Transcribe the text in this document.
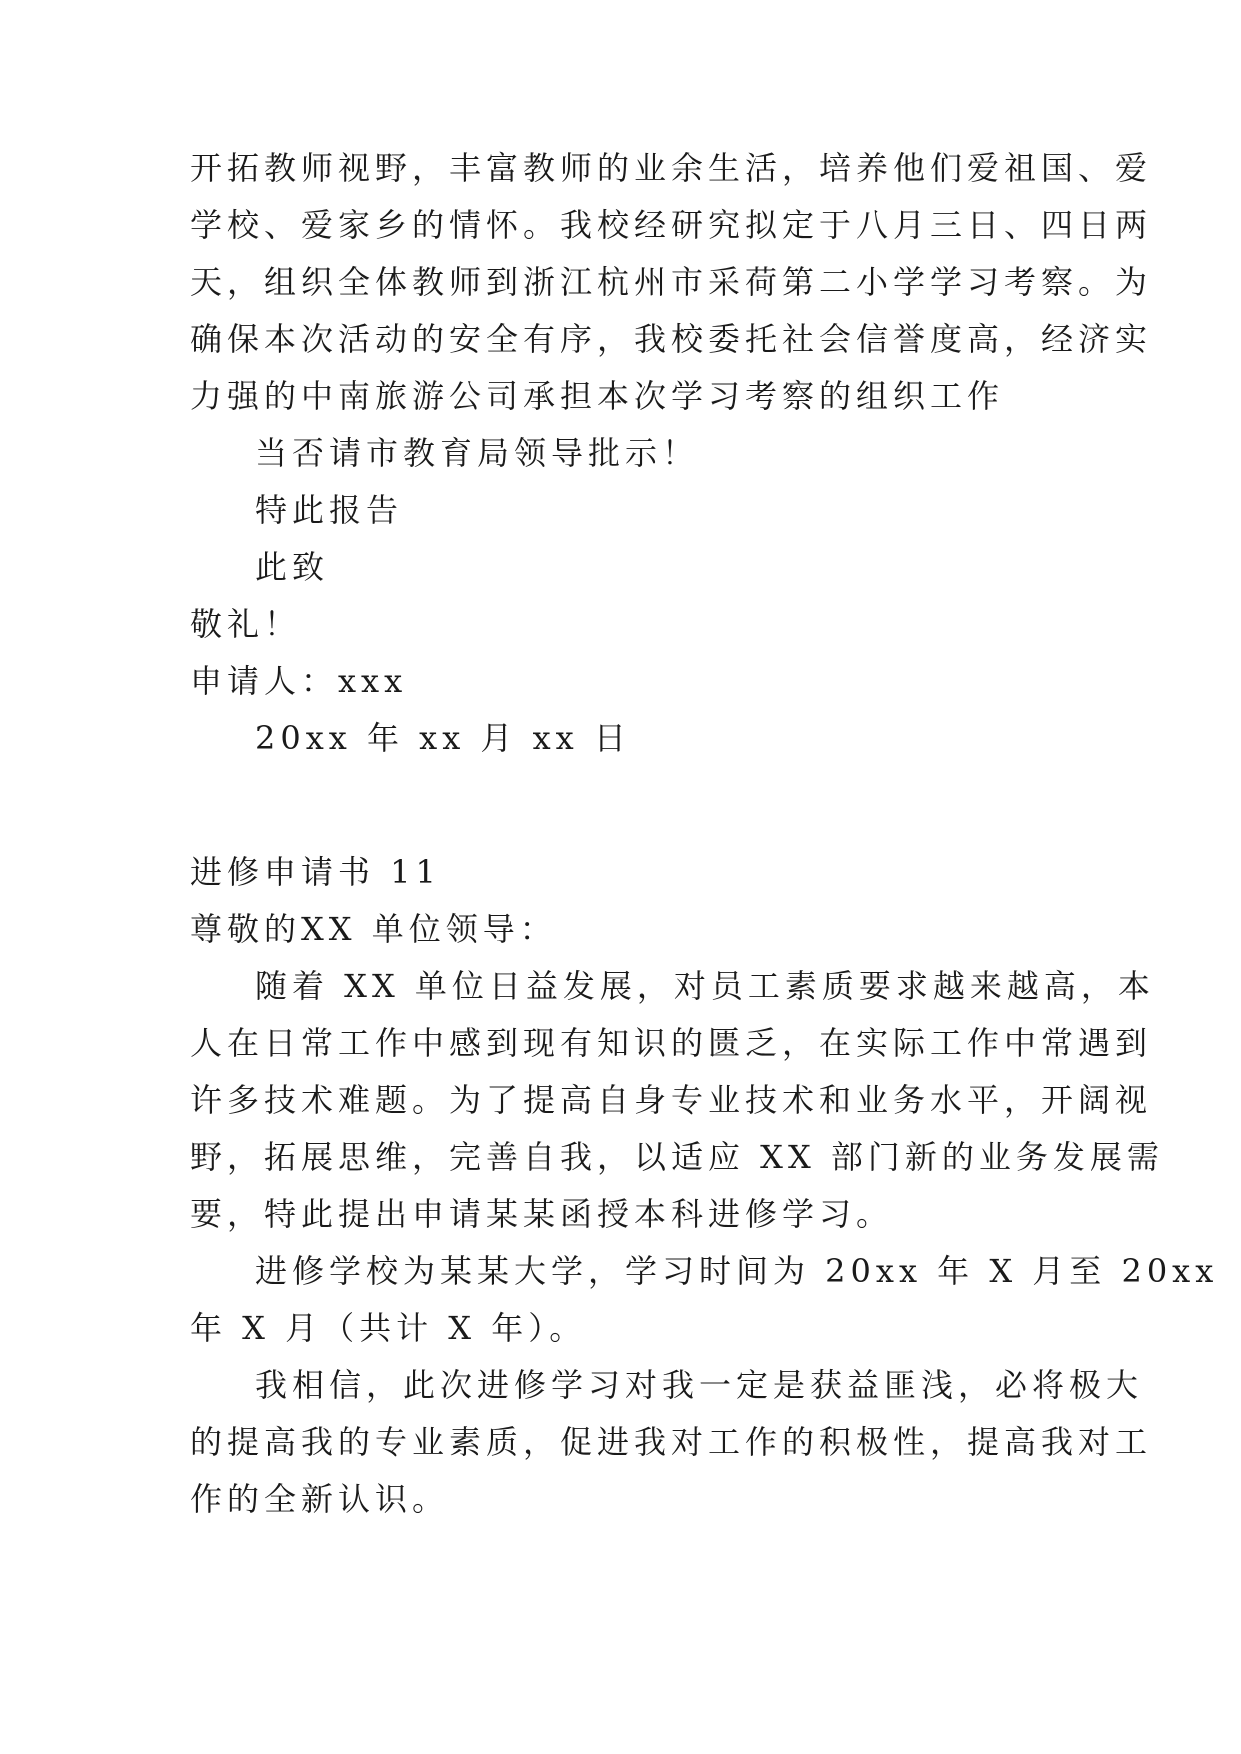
开拓教师视野，丰富教师的业余生活，培养他们爱祖国、爱
学校、爱家乡的情怀。我校经研究拟定于八月三日、四日两
天，组织全体教师到浙江杭州市采荷第二小学学习考察。为
确保本次活动的安全有序，我校委托社会信誉度高，经济实
力强的中南旅游公司承担本次学习考察的组织工作
当否请市教育局领导批示！
特此报告
此致
敬礼！
申请人：xxx
20xx 年 xx 月 xx 日
进修申请书 11
尊敬的XX 单位领导：
随着 XX 单位日益发展，对员工素质要求越来越高，本
人在日常工作中感到现有知识的匮乏，在实际工作中常遇到
许多技术难题。为了提高自身专业技术和业务水平，开阔视
野，拓展思维，完善自我，以适应 XX 部门新的业务发展需
要，特此提出申请某某函授本科进修学习。
进修学校为某某大学，学习时间为 20xx 年 X 月至 20xx
年 X 月（共计 X 年）。
我相信，此次进修学习对我一定是获益匪浅，必将极大
的提高我的专业素质，促进我对工作的积极性，提高我对工
作的全新认识。
